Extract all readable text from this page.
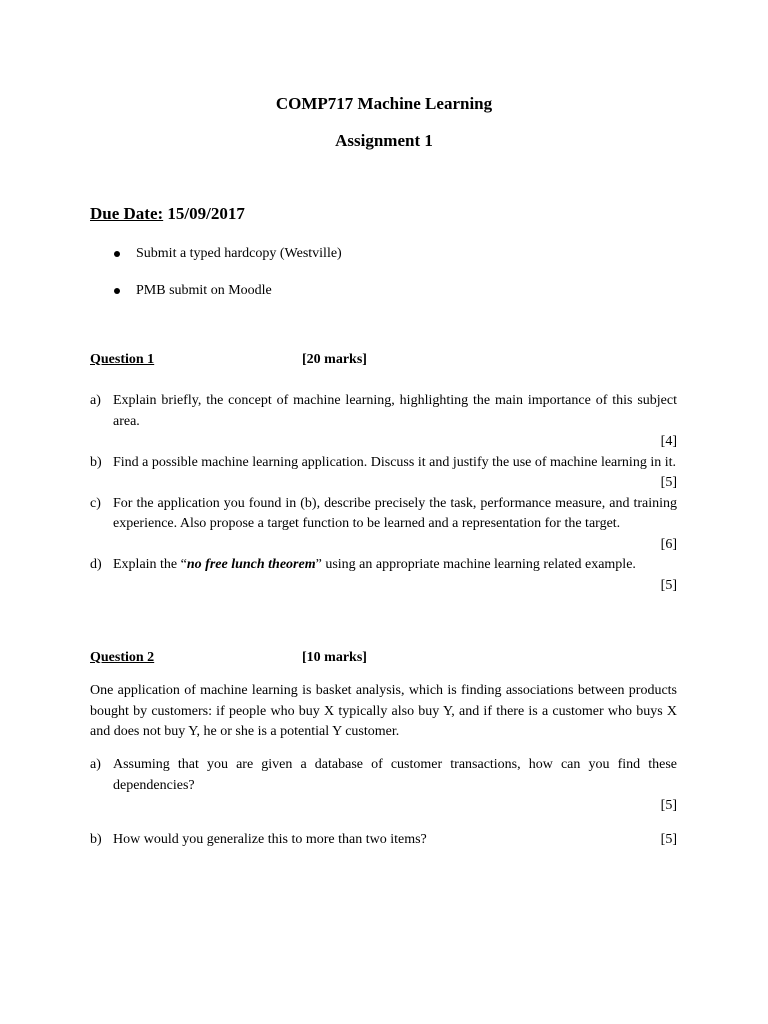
COMP717 Machine Learning
Assignment 1

Due Date: 15/09/2017

Submit a typed hardcopy (Westville)
PMB submit on Moodle
Question 1	[20 marks]
a) Explain briefly, the concept of machine learning, highlighting the main importance of this subject area.
[4]
b) Find a possible machine learning application. Discuss it and justify the use of machine learning in it.
[5]
c) For the application you found in (b), describe precisely the task, performance measure, and training experience. Also propose a target function to be learned and a representation for the target.
[6]
d) Explain the “no free lunch theorem” using an appropriate machine learning related example.
[5]
Question 2	[10 marks]

One application of machine learning is basket analysis, which is finding associations between products bought by customers: if people who buy X typically also buy Y, and if there is a customer who buys X and does not buy Y, he or she is a potential Y customer.

a) Assuming that you are given a database of customer transactions, how can you find these dependencies?
[5]
b) How would you generalize this to more than two items?	[5]
